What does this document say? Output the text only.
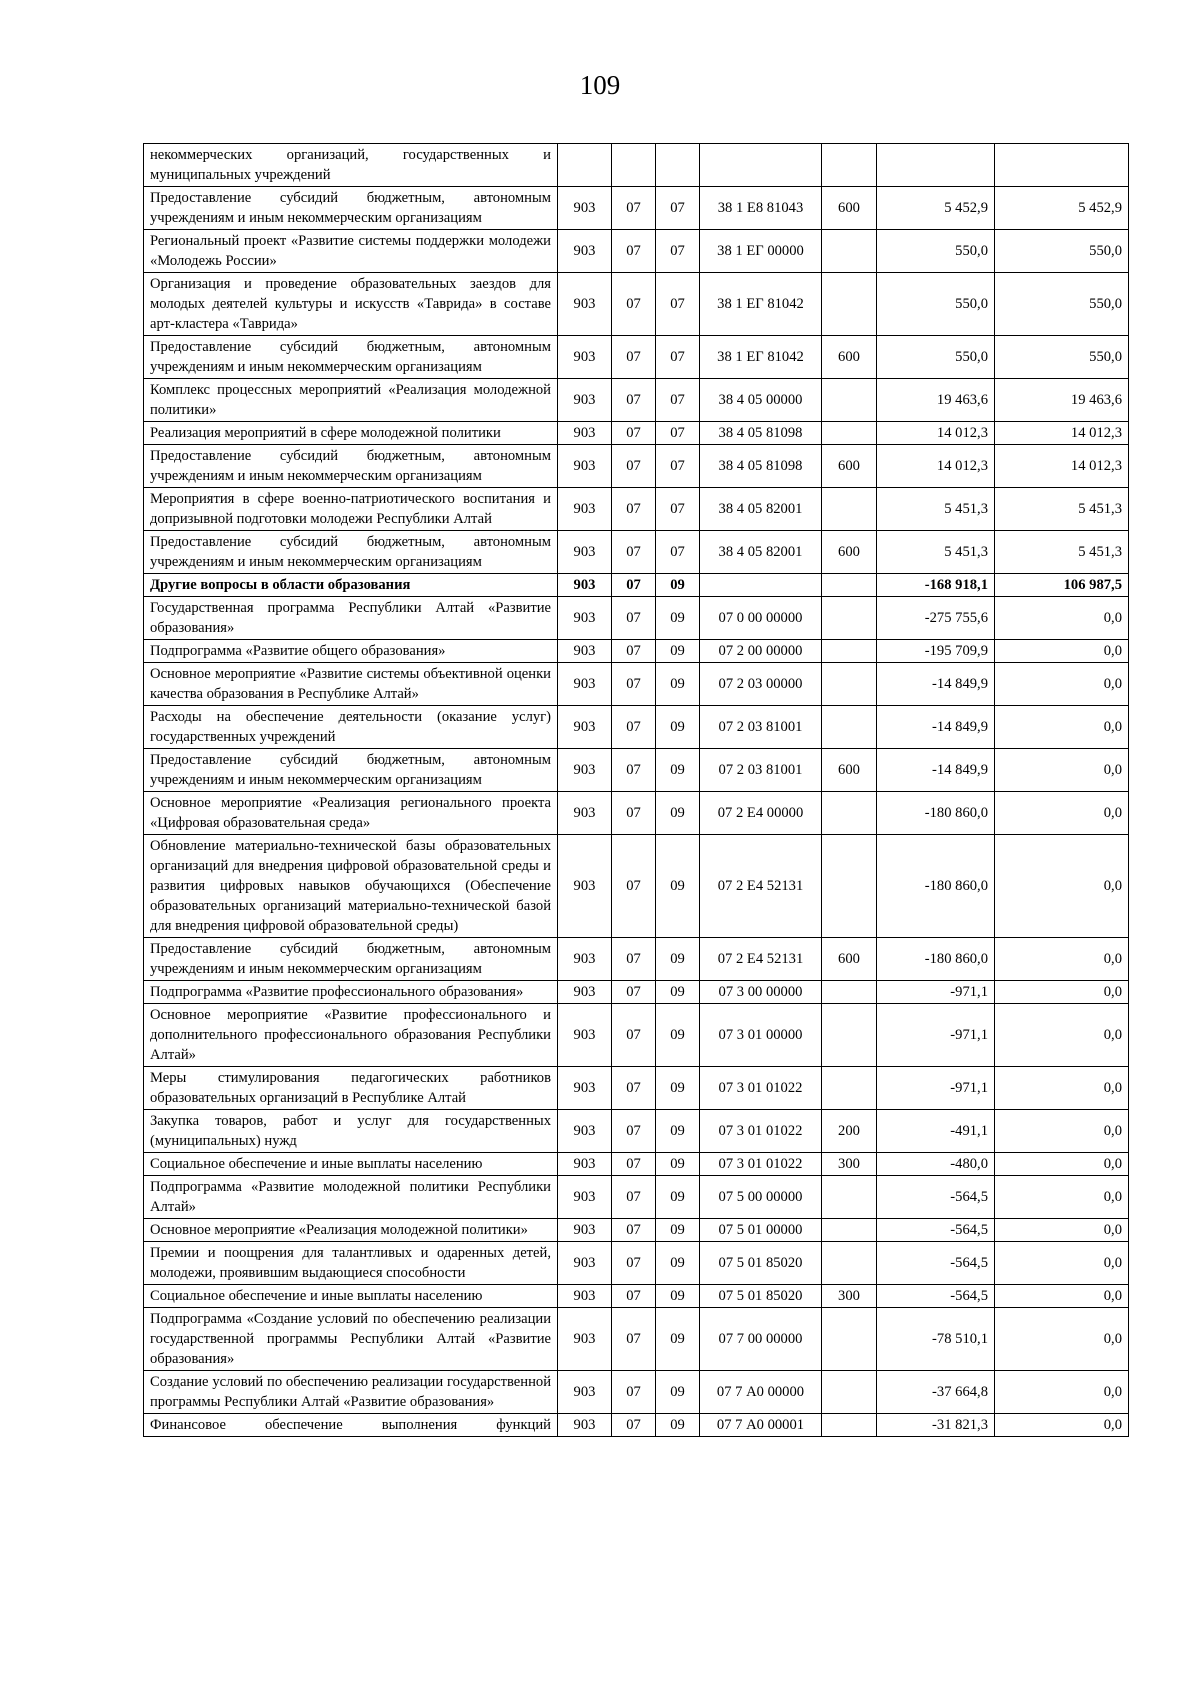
109
некоммерческих организаций, государственных и муниципальных учреждений							
Предоставление субсидий бюджетным, автономным учреждениям и иным некоммерческим организациям	903	07	07	38 1 Е8 81043	600	5 452,9	5 452,9
Региональный проект «Развитие системы поддержки молодежи «Молодежь России»	903	07	07	38 1 ЕГ 00000		550,0	550,0
Организация и проведение образовательных заездов для молодых деятелей культуры и искусств «Таврида» в составе арт-кластера «Таврида»	903	07	07	38 1 ЕГ 81042		550,0	550,0
Предоставление субсидий бюджетным, автономным учреждениям и иным некоммерческим организациям	903	07	07	38 1 ЕГ 81042	600	550,0	550,0
Комплекс процессных мероприятий «Реализация молодежной политики»	903	07	07	38 4 05 00000		19 463,6	19 463,6
Реализация мероприятий в сфере молодежной политики	903	07	07	38 4 05 81098		14 012,3	14 012,3
Предоставление субсидий бюджетным, автономным учреждениям и иным некоммерческим организациям	903	07	07	38 4 05 81098	600	14 012,3	14 012,3
Мероприятия в сфере военно-патриотического воспитания и допризывной подготовки молодежи Республики Алтай	903	07	07	38 4 05 82001		5 451,3	5 451,3
Предоставление субсидий бюджетным, автономным учреждениям и иным некоммерческим организациям	903	07	07	38 4 05 82001	600	5 451,3	5 451,3
Другие вопросы в области образования	903	07	09			-168 918,1	106 987,5
Государственная программа Республики Алтай «Развитие образования»	903	07	09	07 0 00 00000		-275 755,6	0,0
Подпрограмма «Развитие общего образования»	903	07	09	07 2 00 00000		-195 709,9	0,0
Основное мероприятие «Развитие системы объективной оценки качества образования в Республике Алтай»	903	07	09	07 2 03 00000		-14 849,9	0,0
Расходы на обеспечение деятельности (оказание услуг) государственных учреждений	903	07	09	07 2 03 81001		-14 849,9	0,0
Предоставление субсидий бюджетным, автономным учреждениям и иным некоммерческим организациям	903	07	09	07 2 03 81001	600	-14 849,9	0,0
Основное мероприятие «Реализация регионального проекта «Цифровая образовательная среда»	903	07	09	07 2 Е4 00000		-180 860,0	0,0
Обновление материально-технической базы образовательных организаций для внедрения цифровой образовательной среды и развития цифровых навыков обучающихся (Обеспечение образовательных организаций материально-технической базой для внедрения цифровой образовательной среды)	903	07	09	07 2 Е4 52131		-180 860,0	0,0
Предоставление субсидий бюджетным, автономным учреждениям и иным некоммерческим организациям	903	07	09	07 2 Е4 52131	600	-180 860,0	0,0
Подпрограмма «Развитие профессионального образования»	903	07	09	07 3 00 00000		-971,1	0,0
Основное мероприятие «Развитие профессионального и дополнительного профессионального образования Республики Алтай»	903	07	09	07 3 01 00000		-971,1	0,0
Меры стимулирования педагогических работников образовательных организаций в Республике Алтай	903	07	09	07 3 01 01022		-971,1	0,0
Закупка товаров, работ и услуг для государственных (муниципальных) нужд	903	07	09	07 3 01 01022	200	-491,1	0,0
Социальное обеспечение и иные выплаты населению	903	07	09	07 3 01 01022	300	-480,0	0,0
Подпрограмма «Развитие молодежной политики Республики Алтай»	903	07	09	07 5 00 00000		-564,5	0,0
Основное мероприятие «Реализация молодежной политики»	903	07	09	07 5 01 00000		-564,5	0,0
Премии и поощрения для талантливых и одаренных детей, молодежи, проявившим выдающиеся способности	903	07	09	07 5 01 85020		-564,5	0,0
Социальное обеспечение и иные выплаты населению	903	07	09	07 5 01 85020	300	-564,5	0,0
Подпрограмма «Создание условий по обеспечению реализации государственной программы Республики Алтай «Развитие образования»	903	07	09	07 7 00 00000		-78 510,1	0,0
Создание условий по обеспечению реализации государственной программы Республики Алтай «Развитие образования»	903	07	09	07 7 А0 00000		-37 664,8	0,0
Финансовое обеспечение выполнения функций	903	07	09	07 7 А0 00001		-31 821,3	0,0
